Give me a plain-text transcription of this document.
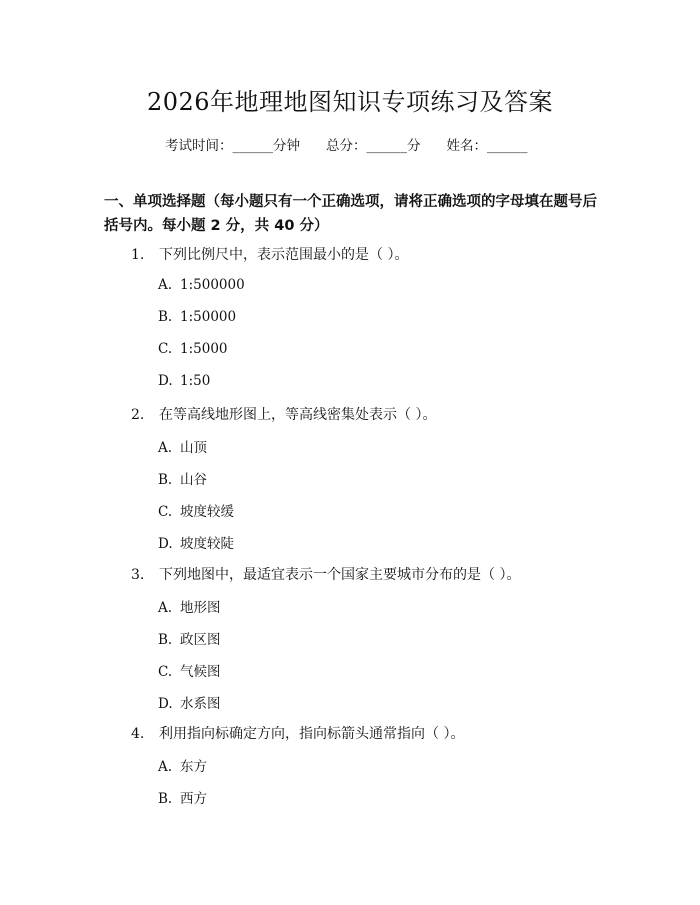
2026年地理地图知识专项练习及答案
考试时间：______分钟 总分：______分 姓名：______
一、单项选择题（每小题只有一个正确选项，请将正确选项的字母填在题号后括号内。每小题 2 分，共 40 分）
1. 下列比例尺中，表示范围最小的是（ ）。
A. 1:500000
B. 1:50000
C. 1:5000
D. 1:50
2. 在等高线地形图上，等高线密集处表示（ ）。
A. 山顶
B. 山谷
C. 坡度较缓
D. 坡度较陡
3. 下列地图中，最适宜表示一个国家主要城市分布的是（ ）。
A. 地形图
B. 政区图
C. 气候图
D. 水系图
4. 利用指向标确定方向，指向标箭头通常指向（ ）。
A. 东方
B. 西方
